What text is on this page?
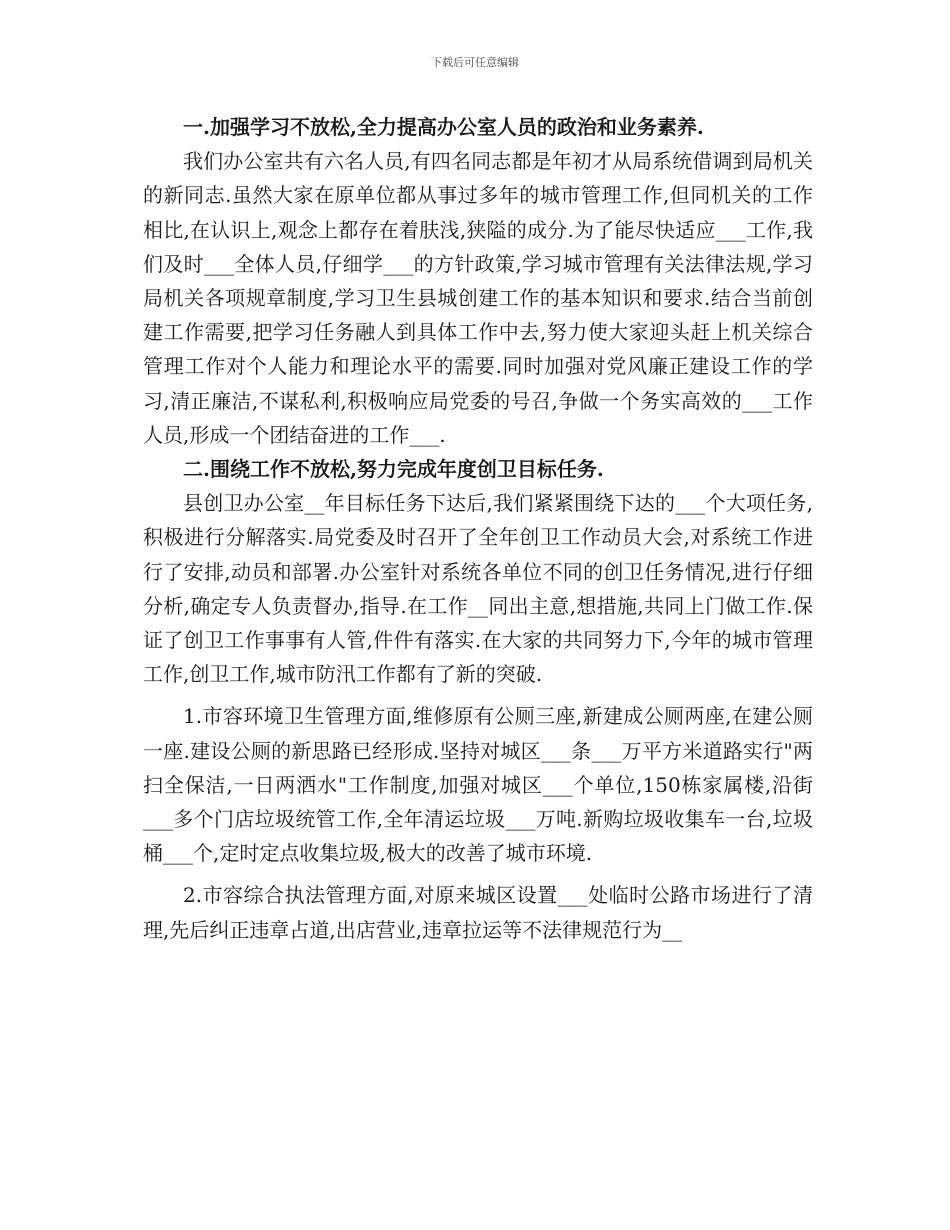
下载后可任意编辑

一.加强学习不放松,全力提高办公室人员的政治和业务素养.

我们办公室共有六名人员,有四名同志都是年初才从局系统借调到局机关的新同志.虽然大家在原单位都从事过多年的城市管理工作,但同机关的工作相比,在认识上,观念上都存在着肤浅,狭隘的成分.为了能尽快适应___工作,我们及时___全体人员,仔细学___的方针政策,学习城市管理有关法律法规,学习局机关各项规章制度,学习卫生县城创建工作的基本知识和要求.结合当前创建工作需要,把学习任务融人到具体工作中去,努力使大家迎头赶上机关综合管理工作对个人能力和理论水平的需要.同时加强对党风廉正建设工作的学习,清正廉洁,不谋私利,积极响应局党委的号召,争做一个务实高效的___工作人员,形成一个团结奋进的工作___.

二.围绕工作不放松,努力完成年度创卫目标任务.

县创卫办公室__年目标任务下达后,我们紧紧围绕下达的___个大项任务,积极进行分解落实.局党委及时召开了全年创卫工作动员大会,对系统工作进行了安排,动员和部署.办公室针对系统各单位不同的创卫任务情况,进行仔细分析,确定专人负责督办,指导.在工作__同出主意,想措施,共同上门做工作.保证了创卫工作事事有人管,件件有落实.在大家的共同努力下,今年的城市管理工作,创卫工作,城市防汛工作都有了新的突破.

1.市容环境卫生管理方面,维修原有公厕三座,新建成公厕两座,在建公厕一座.建设公厕的新思路已经形成.坚持对城区___条___万平方米道路实行"两扫全保洁,一日两洒水"工作制度,加强对城区___个单位,150栋家属楼,沿街___多个门店垃圾统管工作,全年清运垃圾___万吨.新购垃圾收集车一台,垃圾桶___个,定时定点收集垃圾,极大的改善了城市环境.

2.市容综合执法管理方面,对原来城区设置___处临时公路市场进行了清理,先后纠正违章占道,出店营业,违章拉运等不法律规范行为__
